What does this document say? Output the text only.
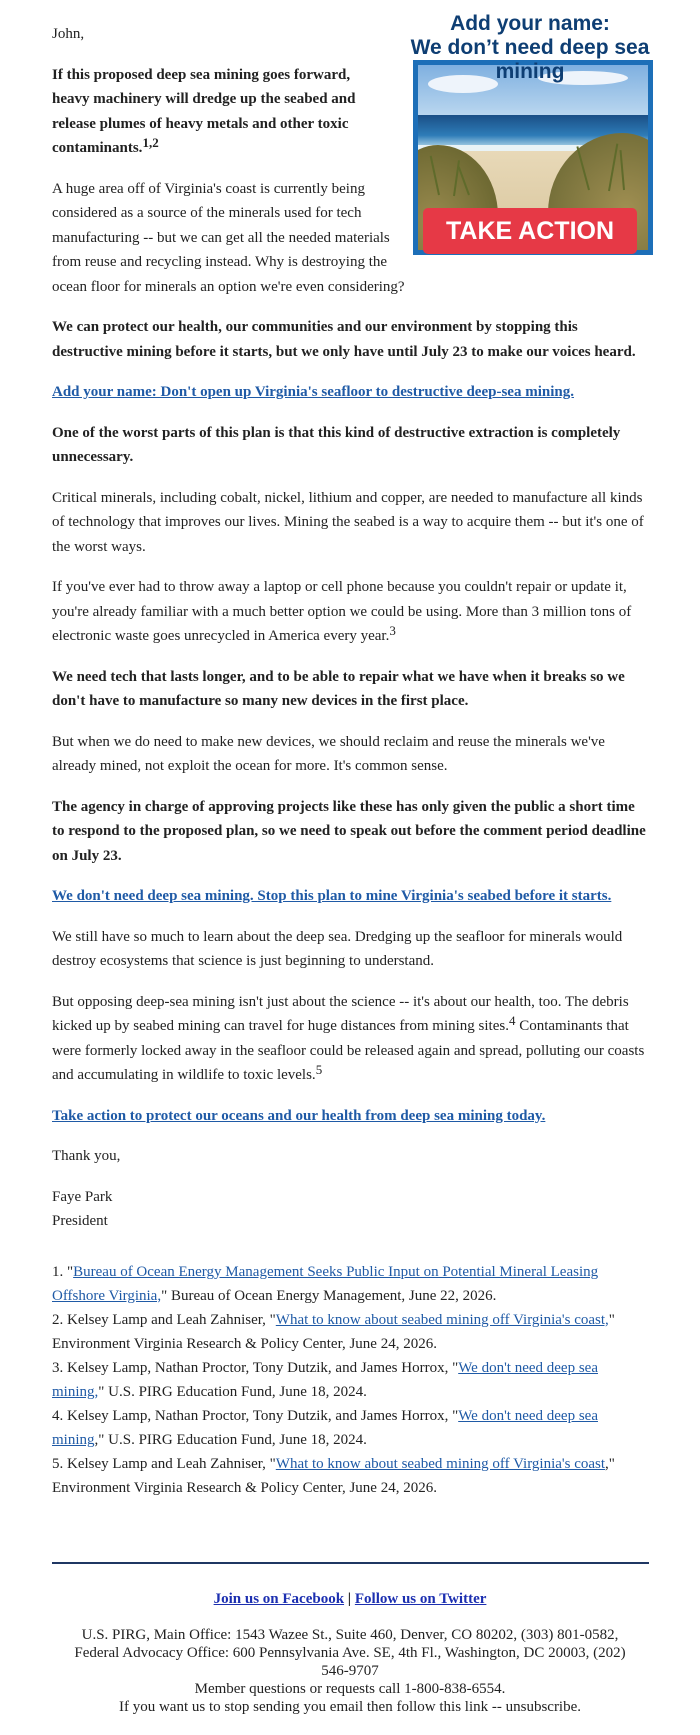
Add your name:
We don’t need deep sea
mining
TAKE ACTION

John,

If this proposed deep sea mining goes forward, heavy machinery will dredge up the seabed and release plumes of heavy metals and other toxic contaminants.$^{1,2}$

A huge area off of Virginia's coast is currently being considered as a source of the minerals used for tech manufacturing -- but we can get all the needed materials from reuse and recycling instead. Why is destroying the ocean floor for minerals an option we're even considering?

We can protect our health, our communities and our environment by stopping this destructive mining before it starts, but we only have until July 23 to make our voices heard.

Add your name: Don't open up Virginia's seafloor to destructive deep-sea mining.

One of the worst parts of this plan is that this kind of destructive extraction is completely unnecessary.

Critical minerals, including cobalt, nickel, lithium and copper, are needed to manufacture all kinds of technology that improves our lives. Mining the seabed is a way to acquire them -- but it's one of the worst ways.

If you've ever had to throw away a laptop or cell phone because you couldn't repair or update it, you're already familiar with a much better option we could be using. More than 3 million tons of electronic waste goes unrecycled in America every year.$^3$

We need tech that lasts longer, and to be able to repair what we have when it breaks so we don't have to manufacture so many new devices in the first place.

But when we do need to make new devices, we should reclaim and reuse the minerals we've already mined, not exploit the ocean for more. It's common sense.

The agency in charge of approving projects like these has only given the public a short time to respond to the proposed plan, so we need to speak out before the comment period deadline on July 23.

We don't need deep sea mining. Stop this plan to mine Virginia's seabed before it starts.

We still have so much to learn about the deep sea. Dredging up the seafloor for minerals would destroy ecosystems that science is just beginning to understand.

But opposing deep-sea mining isn't just about the science -- it's about our health, too. The debris kicked up by seabed mining can travel for huge distances from mining sites.$^4$ Contaminants that were formerly locked away in the seafloor could be released again and spread, polluting our coasts and accumulating in wildlife to toxic levels.$^5$

Take action to protect our oceans and our health from deep sea mining today.

Thank you,

Faye Park
President
1. "Bureau of Ocean Energy Management Seeks Public Input on Potential Mineral Leasing Offshore Virginia," Bureau of Ocean Energy Management, June 22, 2026.
2. Kelsey Lamp and Leah Zahniser, "What to know about seabed mining off Virginia's coast," Environment Virginia Research & Policy Center, June 24, 2026.
3. Kelsey Lamp, Nathan Proctor, Tony Dutzik, and James Horrox, "We don't need deep sea mining," U.S. PIRG Education Fund, June 18, 2024.
4. Kelsey Lamp, Nathan Proctor, Tony Dutzik, and James Horrox, "We don't need deep sea mining," U.S. PIRG Education Fund, June 18, 2024.
5. Kelsey Lamp and Leah Zahniser, "What to know about seabed mining off Virginia's coast," Environment Virginia Research & Policy Center, June 24, 2026.
Join us on Facebook | Follow us on Twitter
U.S. PIRG, Main Office: 1543 Wazee St., Suite 460, Denver, CO 80202, (303) 801-0582,
Federal Advocacy Office: 600 Pennsylvania Ave. SE, 4th Fl., Washington, DC 20003, (202)
546-9707
Member questions or requests call 1-800-838-6554.
If you want us to stop sending you email then follow this link -- unsubscribe.
